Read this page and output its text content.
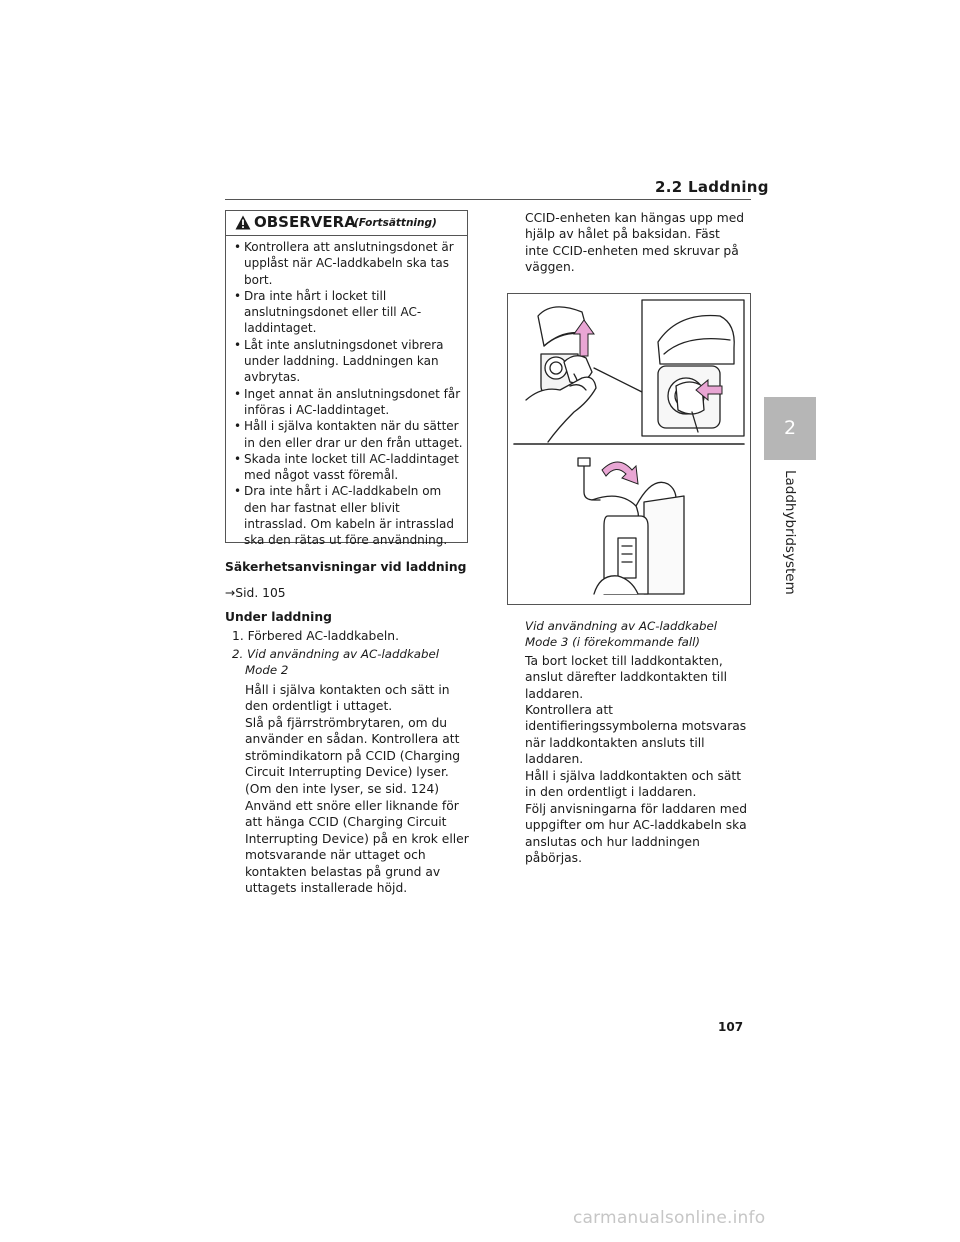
2.2 Laddning
2
Laddhybridsystem
OBSERVERA
(Fortsättning)
• Kontrollera att anslutningsdonet är upplåst när AC-laddkabeln ska tas bort.
• Dra inte hårt i locket till anslutningsdonet eller till AC-laddintaget.
• Låt inte anslutningsdonet vibrera under laddning. Laddningen kan avbrytas.
• Inget annat än anslutningsdonet får införas i AC-laddintaget.
• Håll i själva kontakten när du sätter in den eller drar ur den från uttaget.
• Skada inte locket till AC-laddintaget med något vasst föremål.
• Dra inte hårt i AC-laddkabeln om den har fastnat eller blivit intrasslad. Om kabeln är intrasslad ska den rätas ut före användning.
Säkerhetsanvisningar vid laddning
→Sid. 105
Under laddning
1. Förbered AC-laddkabeln.
2. Vid användning av AC-laddkabel
Mode 2
Håll i själva kontakten och sätt in den ordentligt i uttaget.
Slå på fjärrströmbrytaren, om du använder en sådan. Kontrollera att strömindikatorn på CCID (Charging Circuit Interrupting Device) lyser. (Om den inte lyser, se sid. 124)
Använd ett snöre eller liknande för att hänga CCID (Charging Circuit Interrupting Device) på en krok eller motsvarande när uttaget och kontakten belastas på grund av uttagets installerade höjd.
CCID-enheten kan hängas upp med hjälp av hålet på baksidan. Fäst inte CCID-enheten med skruvar på väggen.
Vid användning av AC-laddkabel
Mode 3 (i förekommande fall)
Ta bort locket till laddkontakten, anslut därefter laddkontakten till laddaren.
Kontrollera att identifieringssymbolerna motsvaras när laddkontakten ansluts till laddaren.
Håll i själva laddkontakten och sätt in den ordentligt i laddaren.
Följ anvisningarna för laddaren med uppgifter om hur AC-laddkabeln ska anslutas och hur laddningen påbörjas.
107
carmanualsonline.info
